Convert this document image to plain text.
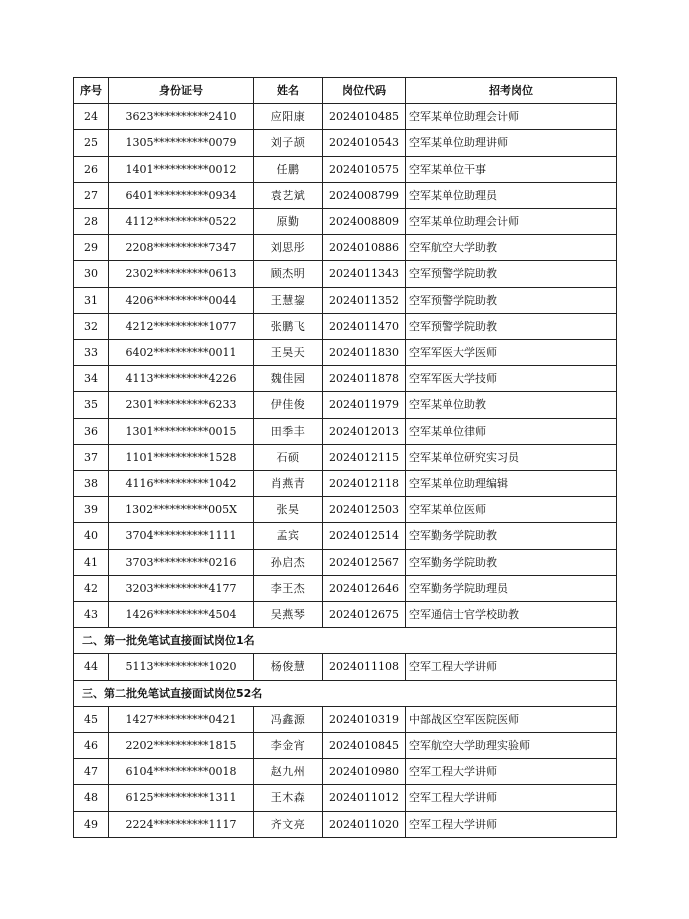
序号	身份证号	姓名	岗位代码	招考岗位
24	3623**********2410	应阳康	2024010485	空军某单位助理会计师
25	1305**********0079	刘子颉	2024010543	空军某单位助理讲师
26	1401**********0012	任鹏	2024010575	空军某单位干事
27	6401**********0934	袁艺斌	2024008799	空军某单位助理员
28	4112**********0522	原勤	2024008809	空军某单位助理会计师
29	2208**********7347	刘思彤	2024010886	空军航空大学助教
30	2302**********0613	顾杰明	2024011343	空军预警学院助教
31	4206**********0044	王慧鋆	2024011352	空军预警学院助教
32	4212**********1077	张鹏飞	2024011470	空军预警学院助教
33	6402**********0011	王昊天	2024011830	空军军医大学医师
34	4113**********4226	魏佳园	2024011878	空军军医大学技师
35	2301**********6233	伊佳俊	2024011979	空军某单位助教
36	1301**********0015	田季丰	2024012013	空军某单位律师
37	1101**********1528	石硕	2024012115	空军某单位研究实习员
38	4116**********1042	肖燕青	2024012118	空军某单位助理编辑
39	1302**********005X	张昊	2024012503	空军某单位医师
40	3704**********1111	孟宾	2024012514	空军勤务学院助教
41	3703**********0216	孙启杰	2024012567	空军勤务学院助教
42	3203**********4177	李王杰	2024012646	空军勤务学院助理员
43	1426**********4504	吴燕琴	2024012675	空军通信士官学校助教
二、第一批免笔试直接面试岗位1名				
44	5113**********1020	杨俊慧	2024011108	空军工程大学讲师
三、第二批免笔试直接面试岗位52名				
45	1427**********0421	冯鑫源	2024010319	中部战区空军医院医师
46	2202**********1815	李金宵	2024010845	空军航空大学助理实验师
47	6104**********0018	赵九州	2024010980	空军工程大学讲师
48	6125**********1311	王木森	2024011012	空军工程大学讲师
49	2224**********1117	齐文亮	2024011020	空军工程大学讲师
